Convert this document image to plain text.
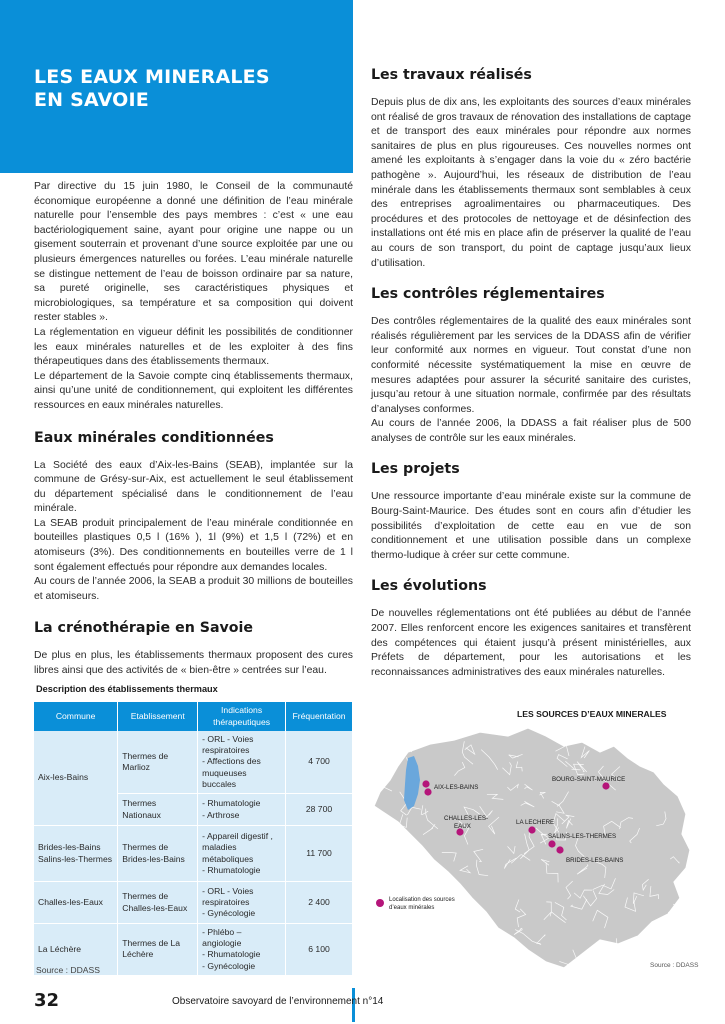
LES EAUX MINERALES
EN SAVOIE

Par directive du 15 juin 1980, le Conseil de la communauté économique européenne a donné une définition de l’eau minérale naturelle pour l’ensemble des pays membres : c’est « une eau bactériologiquement saine, ayant pour origine une nappe ou un gisement souterrain et provenant d’une source exploitée par une ou plusieurs émergences naturelles ou forées. L’eau minérale naturelle se distingue nettement de l’eau de boisson ordinaire par sa nature, sa pureté originelle, ses caractéristiques physiques et microbiologiques, sa température et sa composition qui doivent rester stables ».

La réglementation en vigueur définit les possibilités de conditionner les eaux minérales naturelles et de les exploiter à des fins thérapeutiques dans des établissements thermaux.

Le département de la Savoie compte cinq établissements thermaux, ainsi qu’une unité de conditionnement, qui exploitent les différentes ressources en eaux minérales naturelles.

Eaux minérales conditionnées

La Société des eaux d’Aix-les-Bains (SEAB), implantée sur la commune de Grésy-sur-Aix, est actuellement le seul établissement du département spécialisé dans le conditionnement de l’eau minérale.

La SEAB produit principalement de l’eau minérale conditionnée en bouteilles plastiques 0,5 l (16% ), 1l (9%) et 1,5 l (72%) et en atomiseurs (3%). Des conditionnements en bouteilles verre de 1 l sont également effectués pour répondre aux demandes locales.

Au cours de l’année 2006, la SEAB a produit 30 millions de bouteilles et atomiseurs.

La crénothérapie en Savoie

De plus en plus, les établissements thermaux proposent des cures libres ainsi que des activités de « bien-être » centrées sur l’eau.

Description des établissements thermaux
Commune	Etablissement	Indications thérapeutiques	Fréquentation
Aix-les-Bains	Thermes de Marlioz	- ORL - Voies respiratoires
- Affections des muqueuses buccales	4 700
	Thermes Nationaux	- Rhumatologie
- Arthrose	28 700
Brides-les-Bains Salins-les-Thermes	Thermes de Brides-les-Bains	- Appareil digestif , maladies métaboliques
- Rhumatologie	11 700
Challes-les-Eaux	Thermes de Challes-les-Eaux	- ORL - Voies respiratoires
- Gynécologie	2 400
La Léchère	Thermes de La Léchère	- Phlébo – angiologie
- Rhumatologie
- Gynécologie	6 100
Source : DDASS
Les travaux réalisés

Depuis plus de dix ans, les exploitants des sources d’eaux minérales ont réalisé de gros travaux de rénovation des installations de captage et de transport des eaux minérales pour répondre aux normes sanitaires de plus en plus rigoureuses. Ces nouvelles normes ont amené les exploitants à s’engager dans la voie du « zéro bactérie pathogène ». Aujourd’hui, les réseaux de distribution de l’eau minérale dans les établissements thermaux sont semblables à ceux des entreprises agroalimentaires ou pharmaceutiques. Des procédures et des protocoles de nettoyage et de désinfection des installations ont été mis en place afin de préserver la qualité de l’eau au cours de son transport, du point de captage jusqu’aux lieux d’utilisation.

Les contrôles réglementaires

Des contrôles réglementaires de la qualité des eaux minérales sont réalisés régulièrement par les services de la DDASS afin de vérifier leur conformité aux normes en vigueur. Tout constat d’une non conformité nécessite systématiquement la mise en œuvre de mesures adaptées pour assurer la sécurité sanitaire des curistes, jusqu’au retour à une situation normale, confirmée par des résultats d’analyses conformes.

Au cours de l’année 2006, la DDASS a fait réaliser plus de 500 analyses de contrôle sur les eaux minérales.

Les projets

Une ressource importante d’eau minérale existe sur la commune de Bourg-Saint-Maurice. Des études sont en cours afin d’étudier les possibilités d’exploitation de cette eau en vue de son conditionnement et une utilisation possible dans un complexe thermo-ludique à créer sur cette commune.

Les évolutions

De nouvelles réglementations ont été publiées au début de l’année 2007. Elles renforcent encore les exigences sanitaires et transfèrent des compétences qui étaient jusqu’à présent ministérielles, aux Préfets de département, pour les autorisations et les reconnaissances administratives des eaux minérales naturelles.

LES SOURCES D’EAUX MINERALES
AIX-LES-BAINS
BOURG-SAINT-MAURICE
CHALLES-LES-
EAUX
LA LECHERE
SALINS-LES-THERMES
BRIDES-LES-BAINS
Localisation des sources
d’eaux minérales
Source : DDASS
32	Observatoire savoyard de l’environnement n°14
